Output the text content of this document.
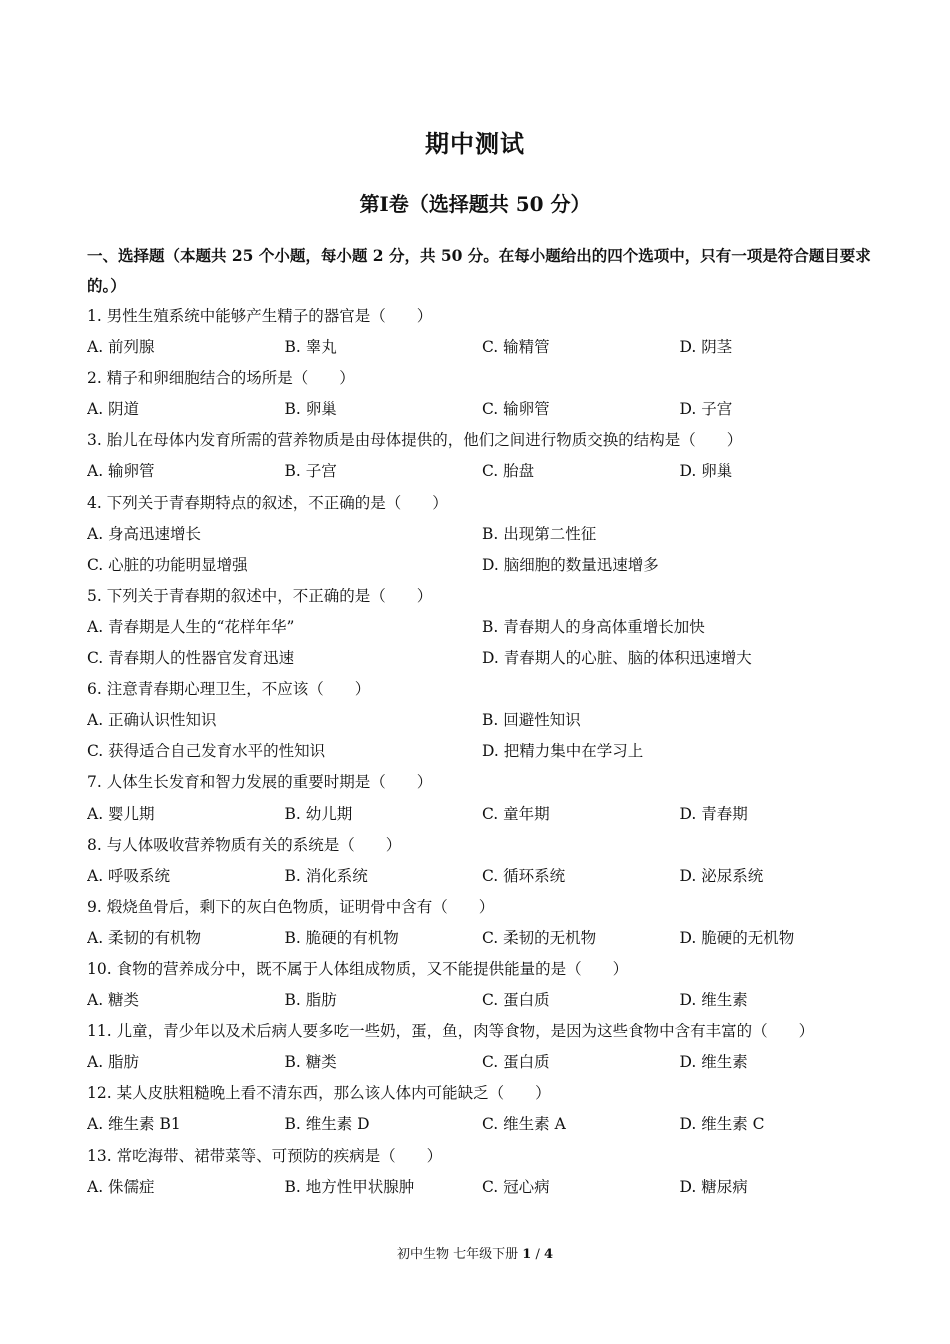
期中测试
第Ⅰ卷（选择题共 50 分）
一、选择题（本题共 25 个小题，每小题 2 分，共 50 分。在每小题给出的四个选项中，只有一项是符合题目要求的。）
1. 男性生殖系统中能够产生精子的器官是（　　）
A. 前列腺	B. 睾丸	C. 输精管	D. 阴茎
2. 精子和卵细胞结合的场所是（　　）
A. 阴道	B. 卵巢	C. 输卵管	D. 子宫
3. 胎儿在母体内发育所需的营养物质是由母体提供的，他们之间进行物质交换的结构是（　　）
A. 输卵管	B. 子宫	C. 胎盘	D. 卵巢
4. 下列关于青春期特点的叙述，不正确的是（　　）
A. 身高迅速增长	B. 出现第二性征
C. 心脏的功能明显增强	D. 脑细胞的数量迅速增多
5. 下列关于青春期的叙述中，不正确的是（　　）
A. 青春期是人生的“花样年华”	B. 青春期人的身高体重增长加快
C. 青春期人的性器官发育迅速	D. 青春期人的心脏、脑的体积迅速增大
6. 注意青春期心理卫生，不应该（　　）
A. 正确认识性知识	B. 回避性知识
C. 获得适合自己发育水平的性知识	D. 把精力集中在学习上
7. 人体生长发育和智力发展的重要时期是（　　）
A. 婴儿期	B. 幼儿期	C. 童年期	D. 青春期
8. 与人体吸收营养物质有关的系统是（　　）
A. 呼吸系统	B. 消化系统	C. 循环系统	D. 泌尿系统
9. 煅烧鱼骨后，剩下的灰白色物质，证明骨中含有（　　）
A. 柔韧的有机物	B. 脆硬的有机物	C. 柔韧的无机物	D. 脆硬的无机物
10. 食物的营养成分中，既不属于人体组成物质，又不能提供能量的是（　　）
A. 糖类	B. 脂肪	C. 蛋白质	D. 维生素
11. 儿童，青少年以及术后病人要多吃一些奶，蛋，鱼，肉等食物，是因为这些食物中含有丰富的（　　）
A. 脂肪	B. 糖类	C. 蛋白质	D. 维生素
12. 某人皮肤粗糙晚上看不清东西，那么该人体内可能缺乏（　　）
A. 维生素 B1	B. 维生素 D	C. 维生素 A	D. 维生素 C
13. 常吃海带、裙带菜等、可预防的疾病是（　　）
A. 侏儒症	B. 地方性甲状腺肿	C. 冠心病	D. 糖尿病
初中生物 七年级下册 1 / 4
